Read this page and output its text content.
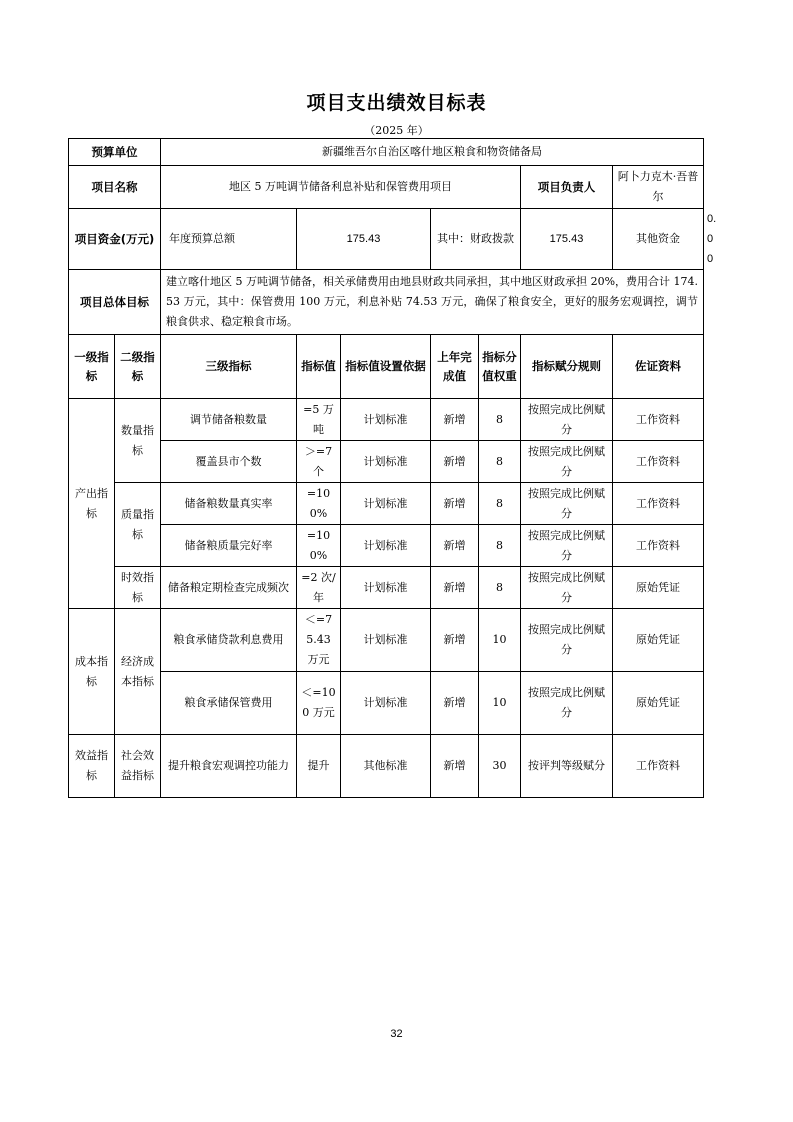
项目支出绩效目标表
（2025 年）
预算单位		新疆维吾尔自治区喀什地区粮食和物资储备局							
项目名称		地区 5 万吨调节储备利息补贴和保管费用项目					项目负责人	阿卜力克木·吾普尔	
项目资金(万元)		年度预算总额	175.43		其中：财政拨款		175.43	其他资金	0.00
项目总体目标		建立喀什地区 5 万吨调节储备，相关承储费用由地县财政共同承担，其中地区财政承担 20%，费用合计 174.53 万元，其中：保管费用 100 万元，利息补贴 74.53 万元，确保了粮食安全，更好的服务宏观调控，调节粮食供求、稳定粮食市场。							
一级指标	二级指标	三级指标	指标值	指标值设置依据	上年完成值	指标分值权重	指标赋分规则	佐证资料	
产出指标	数量指标	调节储备粮数量	=5 万吨	计划标准	新增	8	按照完成比例赋分	工作资料	
		覆盖县市个数	＞=7 个	计划标准	新增	8	按照完成比例赋分	工作资料	
	质量指标	储备粮数量真实率	=100%	计划标准	新增	8	按照完成比例赋分	工作资料	
		储备粮质量完好率	=100%	计划标准	新增	8	按照完成比例赋分	工作资料	
	时效指标	储备粮定期检查完成频次	=2 次/年	计划标准	新增	8	按照完成比例赋分	原始凭证	
成本指标	经济成本指标	粮食承储贷款利息费用	＜=75.43 万元	计划标准	新增	10	按照完成比例赋分	原始凭证	
		粮食承储保管费用	＜=100 万元	计划标准	新增	10	按照完成比例赋分	原始凭证	
效益指标	社会效益指标	提升粮食宏观调控功能力	提升	其他标准	新增	30	按评判等级赋分	工作资料	
32
